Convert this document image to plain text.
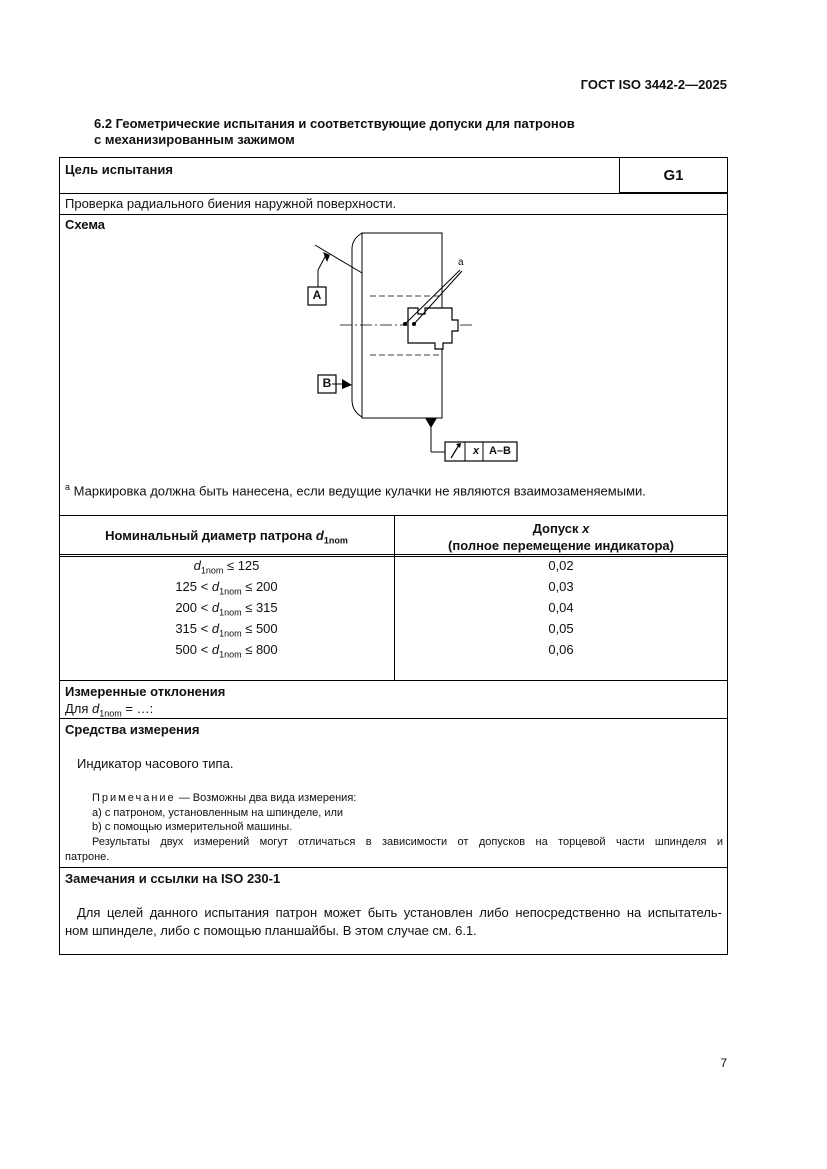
ГОСТ ISO 3442-2—2025
6.2 Геометрические испытания и соответствующие допуски для патронов
с механизированным зажимом
Цель испытания	G1
Проверка радиального биения наружной поверхности.
Схема
A
B
a
x A–B
$^a$ Маркировка должна быть нанесена, если ведущие кулачки не являются взаимозаменяемыми.
Номинальный диаметр патрона $d_{1nom}$
Допуск x
(полное перемещение индикатора)
$d_{1nom} \le 125$
$125 < d_{1nom} \le 200$
$200 < d_{1nom} \le 315$
$315 < d_{1nom} \le 500$
$500 < d_{1nom} \le 800$
0,02
0,03
0,04
0,05
0,06
Измеренные отклонения
Для $d_{1nom}$ = …:
Средства измерения
Индикатор часового типа.
Примечание — Возможны два вида измерения:
a) с патроном, установленным на шпинделе, или
b) с помощью измерительной машины.
Результаты двух измерений могут отличаться в зависимости от допусков на торцевой части шпинделя и
патроне.
Замечания и ссылки на ISO 230-1
Для целей данного испытания патрон может быть установлен либо непосредственно на испытатель-
ном шпинделе, либо с помощью планшайбы. В этом случае см. 6.1.
7
